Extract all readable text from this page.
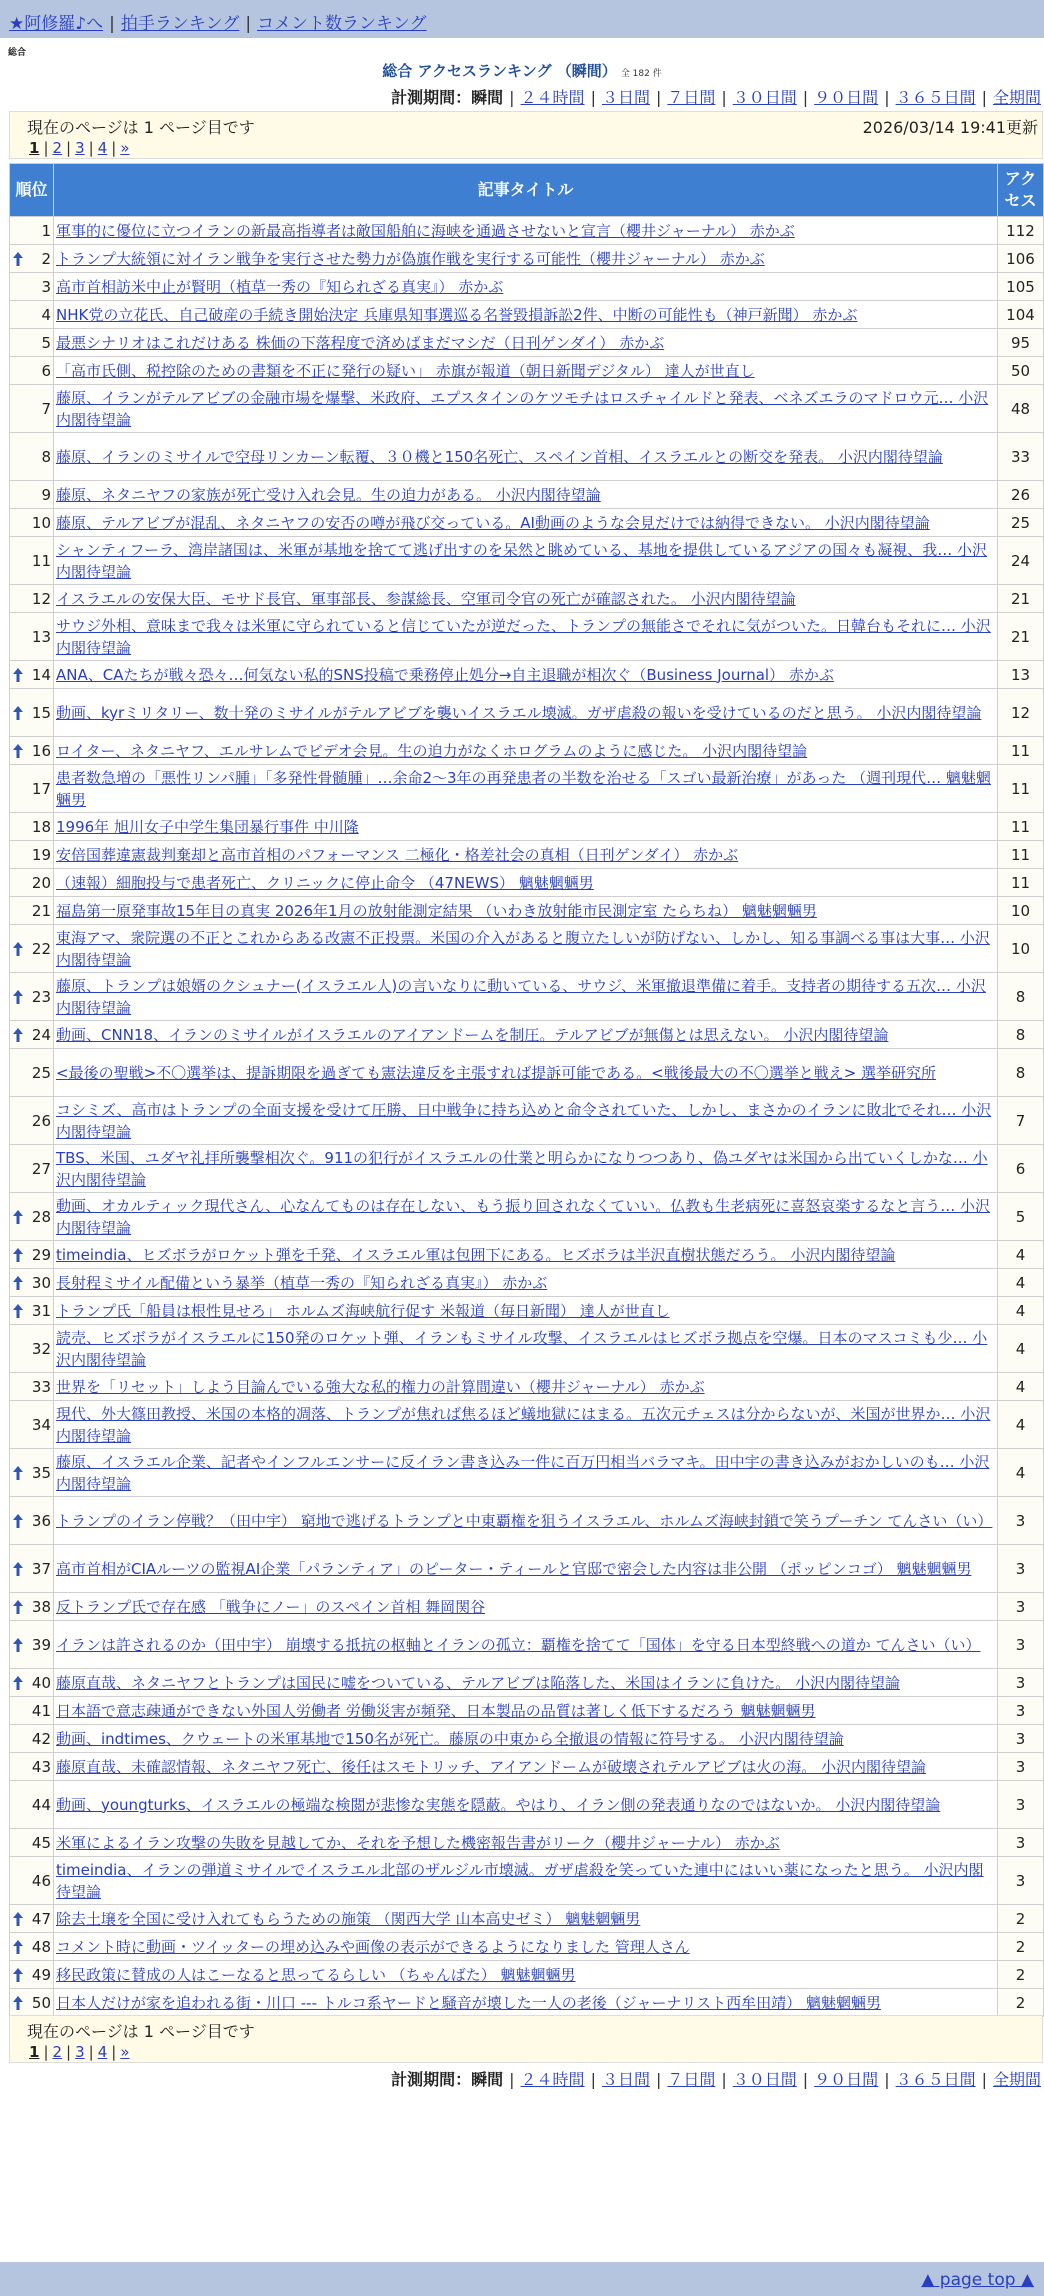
★阿修羅♪へ | 拍手ランキング | コメント数ランキング
総合
総合 アクセスランキング （瞬間） 全 182 件
計測期間：瞬間 | ２４時間 | ３日間 | ７日間 | ３０日間 | ９０日間 | ３６５日間 | 全期間
現在のページは 1 ページ目です	2026/03/14 19:41更新
1 | 2 | 3 | 4 | »
順位	記事タイトル	アクセス
1	軍事的に優位に立つイランの新最高指導者は敵国船舶に海峡を通過させないと宣言（櫻井ジャーナル） 赤かぶ	112

2	トランプ大統領に対イラン戦争を実行させた勢力が偽旗作戦を実行する可能性（櫻井ジャーナル） 赤かぶ	106
3	高市首相訪米中止が賢明（植草一秀の『知られざる真実』） 赤かぶ	105
4	NHK党の立花氏、自己破産の手続き開始決定 兵庫県知事選巡る名誉毀損訴訟2件、中断の可能性も（神戸新聞） 赤かぶ	104
5	最悪シナリオはこれだけある 株価の下落程度で済めばまだマシだ（日刊ゲンダイ） 赤かぶ	95
6	「高市氏側、税控除のための書類を不正に発行の疑い」 赤旗が報道（朝日新聞デジタル） 達人が世直し	50
7	藤原、イランがテルアビブの金融市場を爆撃、米政府、エプスタインのケツモチはロスチャイルドと発表、ベネズエラのマドロウ元… 小沢内閣待望論	48
8	藤原、イランのミサイルで空母リンカーン転覆、３０機と150名死亡、スペイン首相、イスラエルとの断交を発表。 小沢内閣待望論	33
9	藤原、ネタニヤフの家族が死亡受け入れ会見。生の迫力がある。 小沢内閣待望論	26
10	藤原、テルアビブが混乱、ネタニヤフの安否の噂が飛び交っている。AI動画のような会見だけでは納得できない。 小沢内閣待望論	25
11	シャンティフーラ、湾岸諸国は、米軍が基地を捨てて逃げ出すのを呆然と眺めている、基地を提供しているアジアの国々も凝視、我… 小沢内閣待望論	24
12	イスラエルの安保大臣、モサド長官、軍事部長、参謀総長、空軍司令官の死亡が確認された。 小沢内閣待望論	21
13	サウジ外相、意味まで我々は米軍に守られていると信じていたが逆だった、トランプの無能さでそれに気がついた。日韓台もそれに… 小沢内閣待望論	21

14	ANA、CAたちが戦々恐々…何気ない私的SNS投稿で乗務停止処分→自主退職が相次ぐ（Business Journal） 赤かぶ	13

15	動画、kyrミリタリー、数十発のミサイルがテルアビブを襲いイスラエル壊滅。ガザ虐殺の報いを受けているのだと思う。 小沢内閣待望論	12

16	ロイター、ネタニヤフ、エルサレムでビデオ会見。生の迫力がなくホログラムのように感じた。 小沢内閣待望論	11
17	患者数急増の「悪性リンパ腫」「多発性骨髄腫」…余命2～3年の再発患者の半数を治せる「スゴい最新治療」があった （週刊現代… 魑魅魍魎男	11
18	1996年 旭川女子中学生集団暴行事件 中川隆	11
19	安倍国葬違憲裁判棄却と高市首相のパフォーマンス 二極化・格差社会の真相（日刊ゲンダイ） 赤かぶ	11
20	（速報）細胞投与で患者死亡、クリニックに停止命令 （47NEWS） 魑魅魍魎男	11
21	福島第一原発事故15年目の真実 2026年1月の放射能測定結果 （いわき放射能市民測定室 たらちね） 魑魅魍魎男	10

22	東海アマ、衆院選の不正とこれからある改憲不正投票。米国の介入があると腹立たしいが防げない、しかし、知る事調べる事は大事… 小沢内閣待望論	10

23	藤原、トランプは娘婿のクシュナー(イスラエル人)の言いなりに動いている、サウジ、米軍撤退準備に着手。支持者の期待する五次… 小沢内閣待望論	8

24	動画、CNN18、イランのミサイルがイスラエルのアイアンドームを制圧。テルアビブが無傷とは思えない。 小沢内閣待望論	8
25	<最後の聖戦>不〇選挙は、提訴期限を過ぎても憲法違反を主張すれば提訴可能である。<戦後最大の不〇選挙と戦え> 選挙研究所	8
26	コシミズ、高市はトランプの全面支援を受けて圧勝、日中戦争に持ち込めと命令されていた、しかし、まさかのイランに敗北でそれ… 小沢内閣待望論	7
27	TBS、米国、ユダヤ礼拝所襲撃相次ぐ。911の犯行がイスラエルの仕業と明らかになりつつあり、偽ユダヤは米国から出ていくしかな… 小沢内閣待望論	6

28	動画、オカルティック現代さん、心なんてものは存在しない、もう振り回されなくていい。仏教も生老病死に喜怒哀楽するなと言う… 小沢内閣待望論	5

29	timeindia、ヒズボラがロケット弾を千発、イスラエル軍は包囲下にある。ヒズボラは半沢直樹状態だろう。 小沢内閣待望論	4

30	長射程ミサイル配備という暴挙（植草一秀の『知られざる真実』） 赤かぶ	4

31	トランプ氏「船員は根性見せろ」 ホルムズ海峡航行促す 米報道（毎日新聞） 達人が世直し	4
32	読売、ヒズボラがイスラエルに150発のロケット弾、イランもミサイル攻撃、イスラエルはヒズボラ拠点を空爆。日本のマスコミも少… 小沢内閣待望論	4
33	世界を「リセット」しよう目論んでいる強大な私的権力の計算間違い（櫻井ジャーナル） 赤かぶ	4
34	現代、外大篠田教授、米国の本格的凋落、トランプが焦れば焦るほど蟻地獄にはまる。五次元チェスは分からないが、米国が世界か… 小沢内閣待望論	4

35	藤原、イスラエル企業、記者やインフルエンサーに反イラン書き込み一件に百万円相当バラマキ。田中宇の書き込みがおかしいのも… 小沢内閣待望論	4

36	トランプのイラン停戦？（田中宇） 窮地で逃げるトランプと中東覇権を狙うイスラエル、ホルムズ海峡封鎖で笑うプーチン てんさい（い）	3

37	高市首相がCIAルーツの監視AI企業「パランティア」のピーター・ティールと官邸で密会した内容は非公開 （ポッピンコゴ） 魑魅魍魎男	3

38	反トランプ氏で存在感 「戦争にノー」のスペイン首相 舞岡関谷	3

39	イランは許されるのか（田中宇） 崩壊する抵抗の枢軸とイランの孤立：覇権を捨てて「国体」を守る日本型終戦への道か てんさい（い）	3

40	藤原直哉、ネタニヤフとトランプは国民に嘘をついている、テルアビブは陥落した、米国はイランに負けた。 小沢内閣待望論	3
41	日本語で意志疎通ができない外国人労働者 労働災害が頻発、日本製品の品質は著しく低下するだろう 魑魅魍魎男	3
42	動画、indtimes、クウェートの米軍基地で150名が死亡。藤原の中東から全撤退の情報に符号する。 小沢内閣待望論	3
43	藤原直哉、未確認情報、ネタニヤフ死亡、後任はスモトリッチ、アイアンドームが破壊されテルアビブは火の海。 小沢内閣待望論	3
44	動画、youngturks、イスラエルの極端な検閲が悲惨な実態を隠蔽。やはり、イラン側の発表通りなのではないか。 小沢内閣待望論	3
45	米軍によるイラン攻撃の失敗を見越してか、それを予想した機密報告書がリーク（櫻井ジャーナル） 赤かぶ	3
46	timeindia、イランの弾道ミサイルでイスラエル北部のザルジル市壊滅。ガザ虐殺を笑っていた連中にはいい薬になったと思う。 小沢内閣待望論	3

47	除去土壌を全国に受け入れてもらうための施策 （関西大学 山本高史ゼミ） 魑魅魍魎男	2

48	コメント時に動画・ツイッターの埋め込みや画像の表示ができるようになりました 管理人さん	2

49	移民政策に賛成の人はこーなると思ってるらしい （ちゃんばた） 魑魅魍魎男	2

50	日本人だけが家を追われる街・川口 --- トルコ系ヤードと騒音が壊した一人の老後（ジャーナリスト西牟田靖） 魑魅魍魎男	2
現在のページは 1 ページ目です
1 | 2 | 3 | 4 | »
計測期間：瞬間 | ２４時間 | ３日間 | ７日間 | ３０日間 | ９０日間 | ３６５日間 | 全期間
▲ page top ▲
